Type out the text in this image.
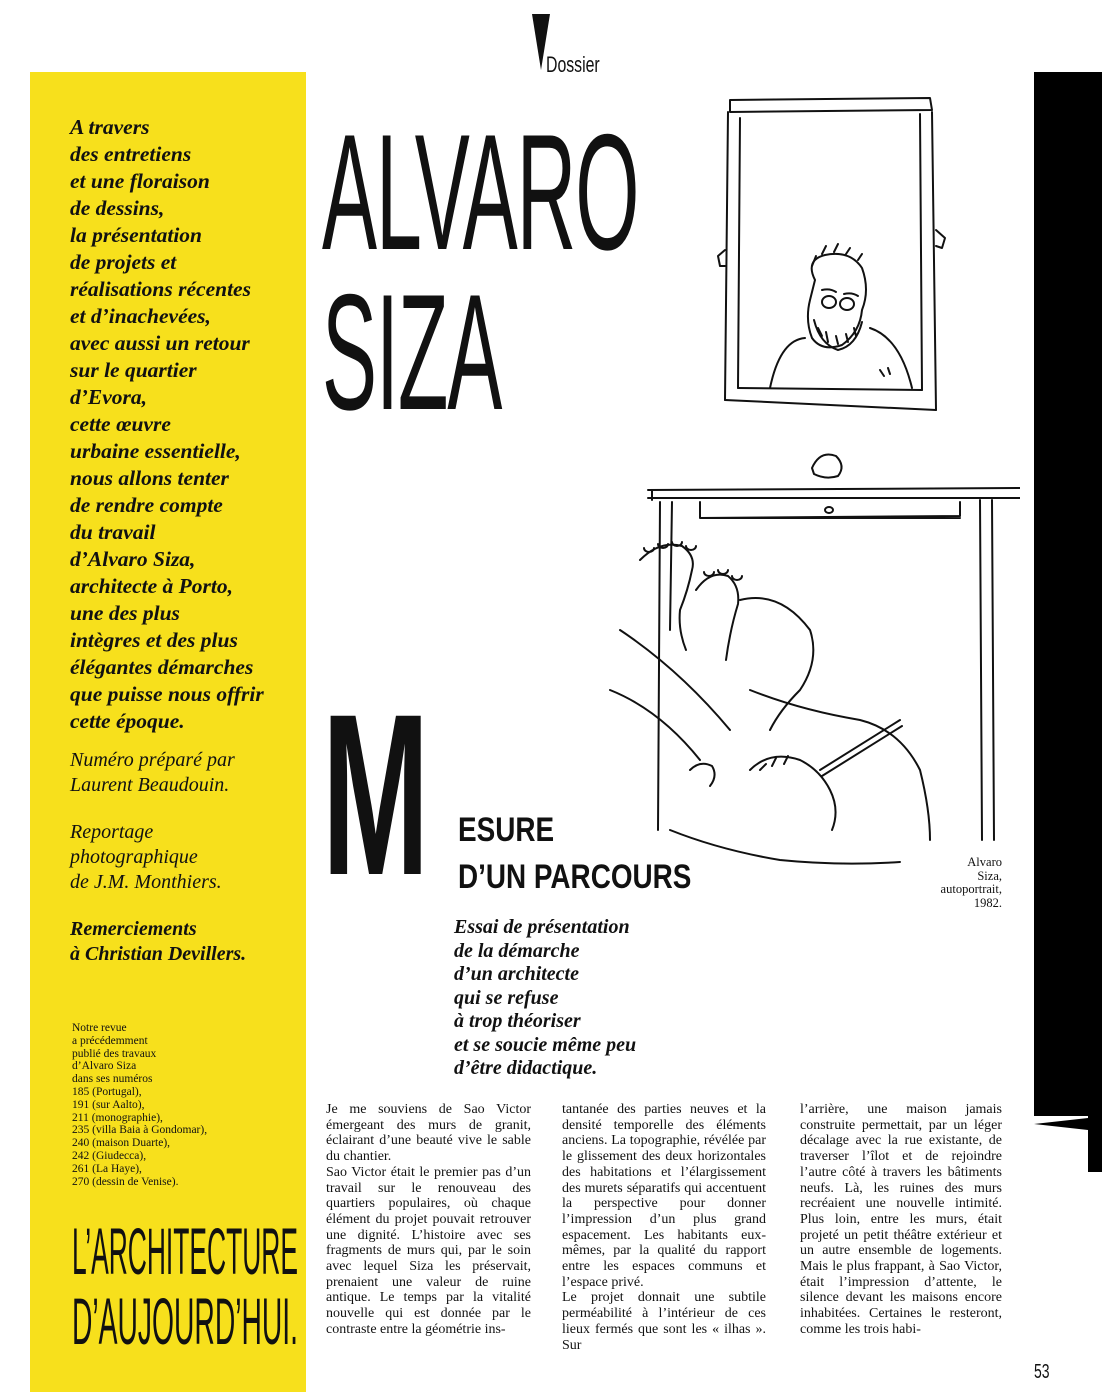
A travers
des entretiens
et une floraison
de dessins,
la présentation
de projets et
réalisations récentes
et d’inachevées,
avec aussi un retour
sur le quartier
d’Evora,
cette œuvre
urbaine essentielle,
nous allons tenter
de rendre compte
du travail
d’Alvaro Siza,
architecte à Porto,
une des plus
intègres et des plus
élégantes démarches
que puisse nous offrir
cette époque.
Numéro préparé par
Laurent Beaudouin.
Reportage
photographique
de J.M. Monthiers.
Remerciements
à Christian Devillers.
Notre revue
a précédemment
publié des travaux
d’Alvaro Siza
dans ses numéros
185 (Portugal),
191 (sur Aalto),
211 (monographie),
235 (villa Baia à Gondomar),
240 (maison Duarte),
242 (Giudecca),
261 (La Haye),
270 (dessin de Venise).
L’ARCHITECTURE
D’AUJOURD’HUI.
Dossier
ALVARO
SIZA
Alvaro
Siza,
autoportrait,
1982.
M ESURE
D’UN PARCOURS
Essai de présentation
de la démarche
d’un architecte
qui se refuse
à trop théoriser
et se soucie même peu
d’être didactique.

Je me souviens de Sao Victor émergeant des murs de granit, éclairant d’une beauté vive le sable du chantier.

Sao Victor était le premier pas d’un travail sur le renouveau des quartiers populaires, où chaque élément du projet pouvait retrouver une dignité. L’histoire avec ses fragments de murs qui, par le soin avec lequel Siza les préservait, prenaient une valeur de ruine antique. Le temps par la vitalité nouvelle qui est donnée par le contraste entre la géométrie ins-

tantanée des parties neuves et la densité temporelle des éléments anciens. La topographie, révélée par le glissement des deux horizontales des habitations et l’élargissement des murets séparatifs qui accentuent la perspective pour donner l’impression d’un plus grand espacement. Les habitants eux-mêmes, par la qualité du rapport entre les espaces communs et l’espace privé.

Le projet donnait une subtile perméabilité à l’intérieur de ces lieux fermés que sont les « ilhas ». Sur

l’arrière, une maison jamais construite permettait, par un léger décalage avec la rue existante, de traverser l’îlot et de rejoindre l’autre côté à travers les bâtiments neufs. Là, les ruines des murs recréaient une nouvelle intimité. Plus loin, entre les murs, était projeté un petit théâtre extérieur et un autre ensemble de logements. Mais le plus frappant, à Sao Victor, était l’impression d’attente, le silence devant les maisons encore inhabitées. Certaines le resteront, comme les trois habi-

53
